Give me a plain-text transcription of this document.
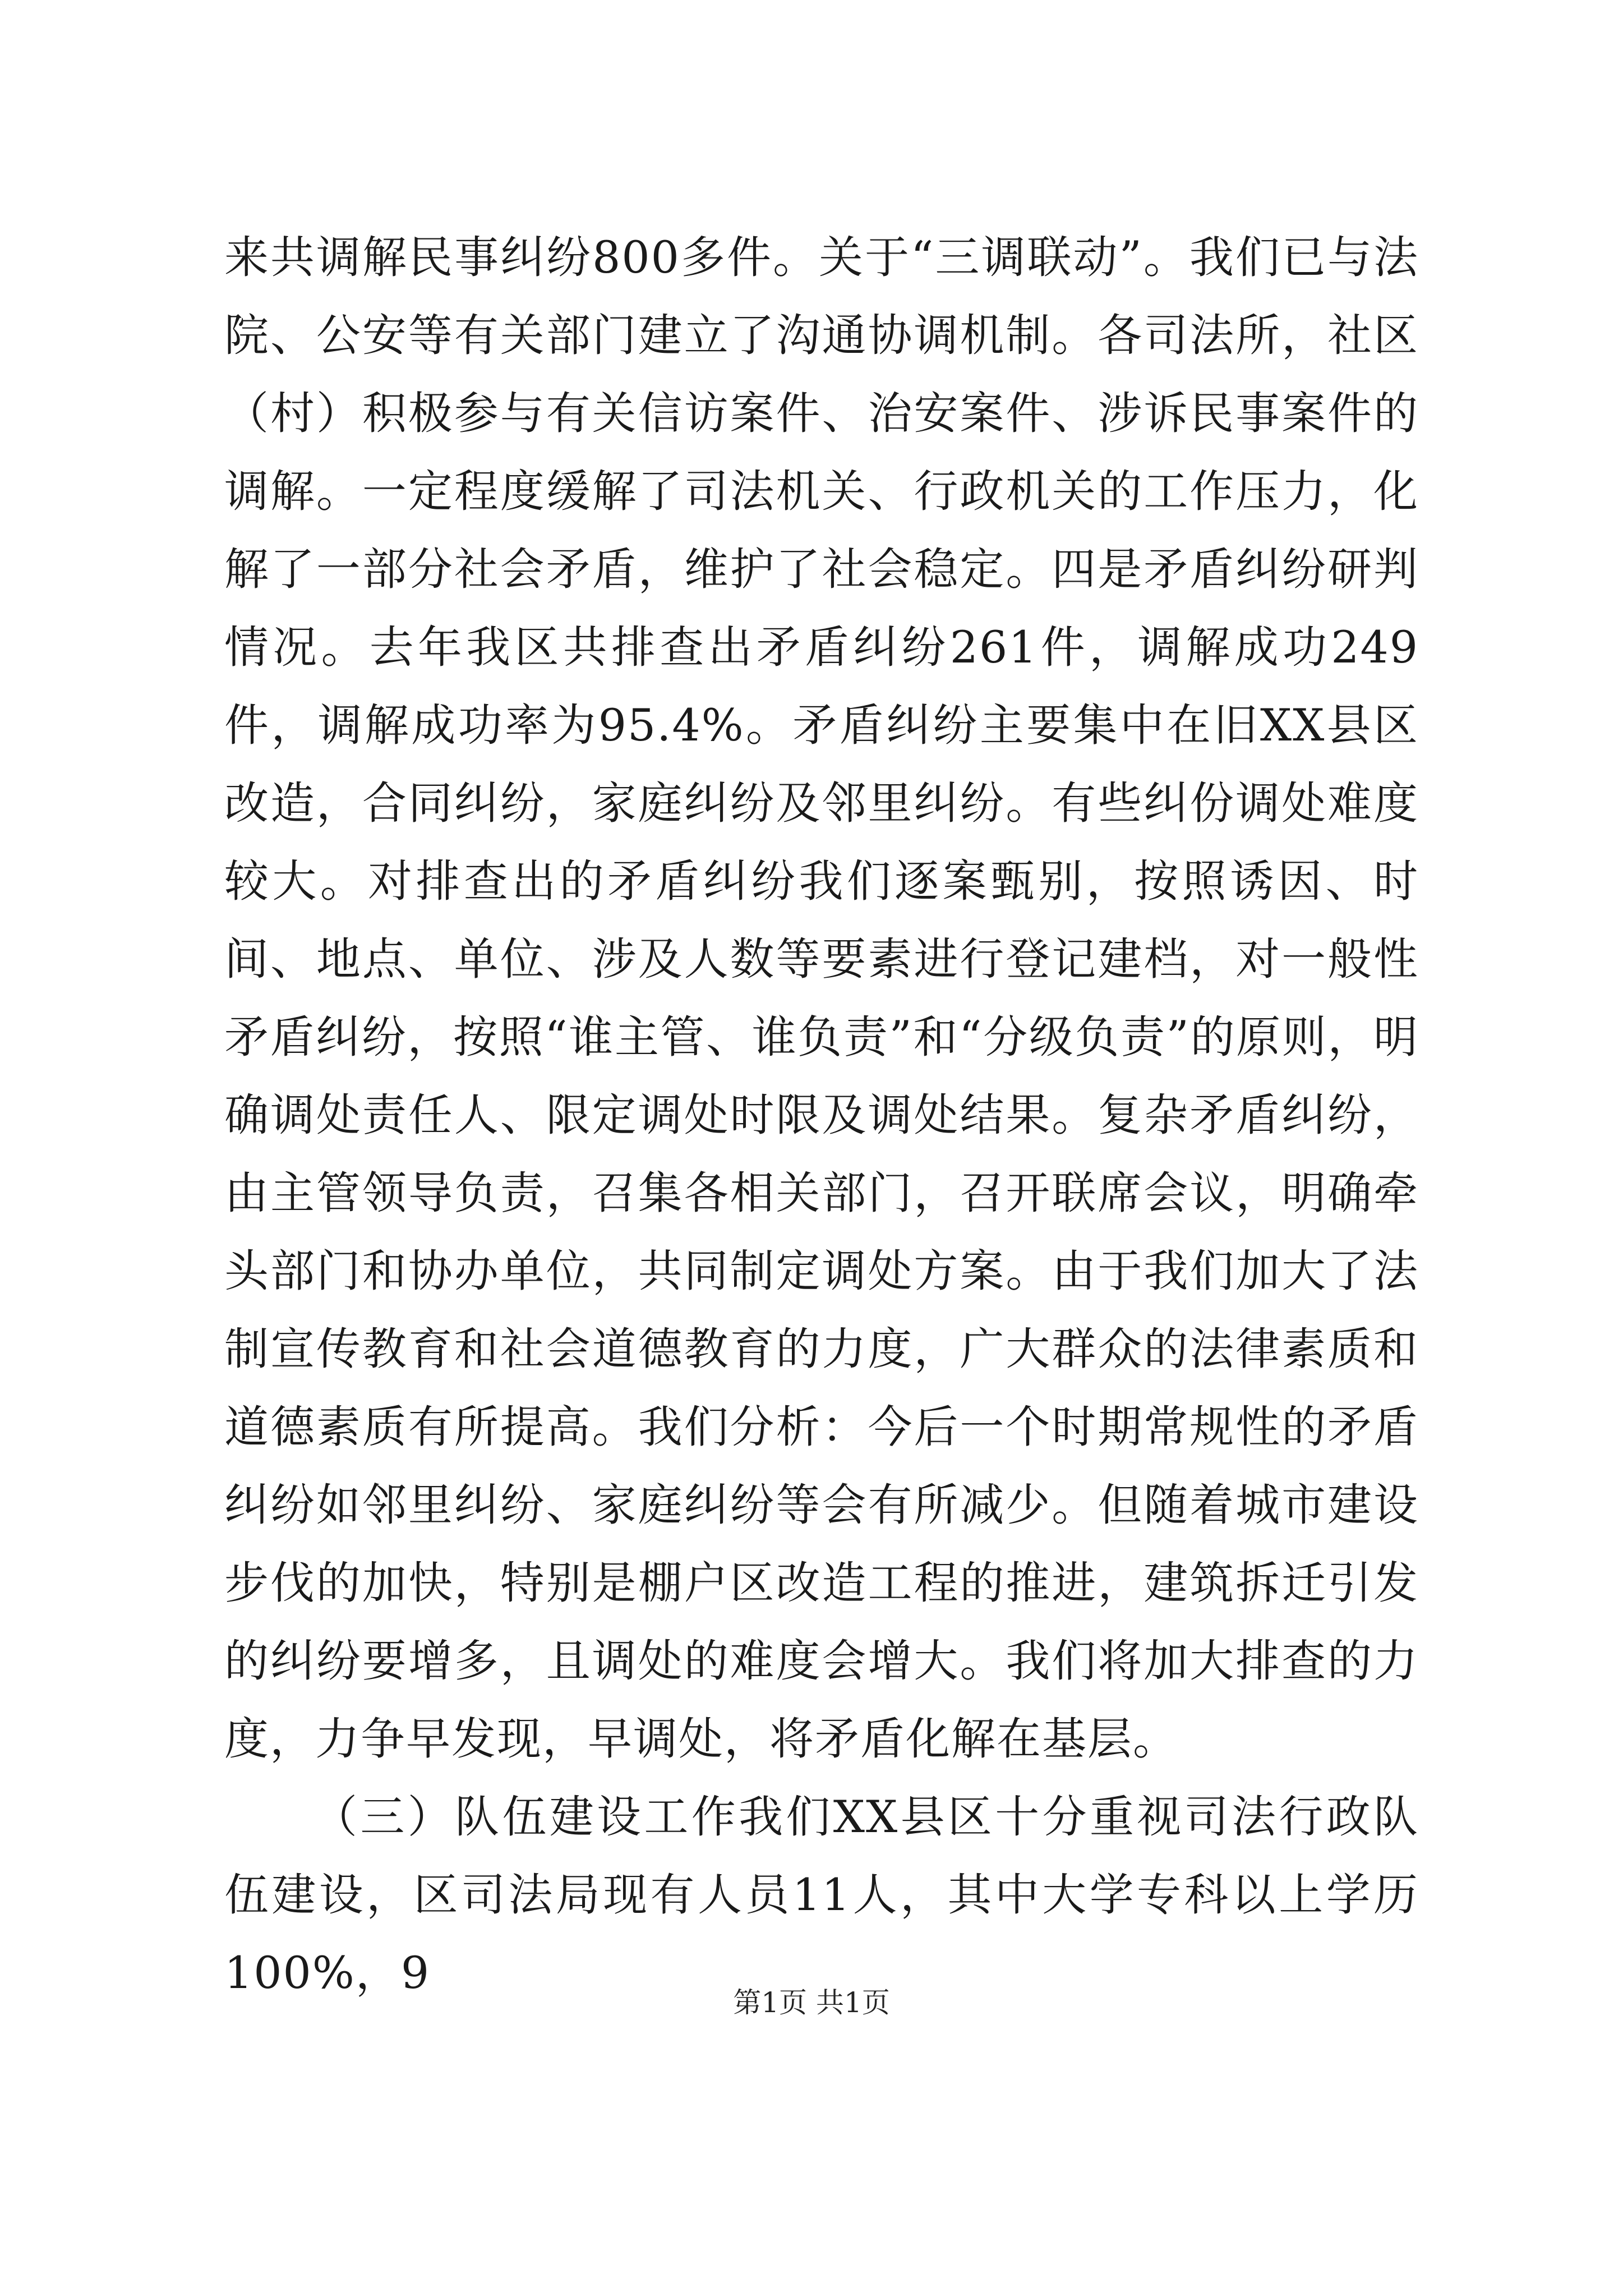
来共调解民事纠纷800多件。关于“三调联动”。我们已与法院、公安等有关部门建立了沟通协调机制。各司法所，社区（村）积极参与有关信访案件、治安案件、涉诉民事案件的调解。一定程度缓解了司法机关、行政机关的工作压力，化解了一部分社会矛盾，维护了社会稳定。四是矛盾纠纷研判情况。去年我区共排查出矛盾纠纷261件，调解成功249件，调解成功率为95.4%。矛盾纠纷主要集中在旧XX县区改造，合同纠纷，家庭纠纷及邻里纠纷。有些纠份调处难度较大。对排查出的矛盾纠纷我们逐案甄别，按照诱因、时间、地点、单位、涉及人数等要素进行登记建档，对一般性矛盾纠纷，按照“谁主管、谁负责”和“分级负责”的原则，明确调处责任人、限定调处时限及调处结果。复杂矛盾纠纷，由主管领导负责，召集各相关部门，召开联席会议，明确牵头部门和协办单位，共同制定调处方案。由于我们加大了法制宣传教育和社会道德教育的力度，广大群众的法律素质和道德素质有所提高。我们分析：今后一个时期常规性的矛盾纠纷如邻里纠纷、家庭纠纷等会有所减少。但随着城市建设步伐的加快，特别是棚户区改造工程的推进，建筑拆迁引发的纠纷要增多，且调处的难度会增大。我们将加大排查的力度，力争早发现，早调处，将矛盾化解在基层。

（三）队伍建设工作我们XX县区十分重视司法行政队伍建设，区司法局现有人员11人，其中大学专科以上学历100%，9

第1页 共1页
